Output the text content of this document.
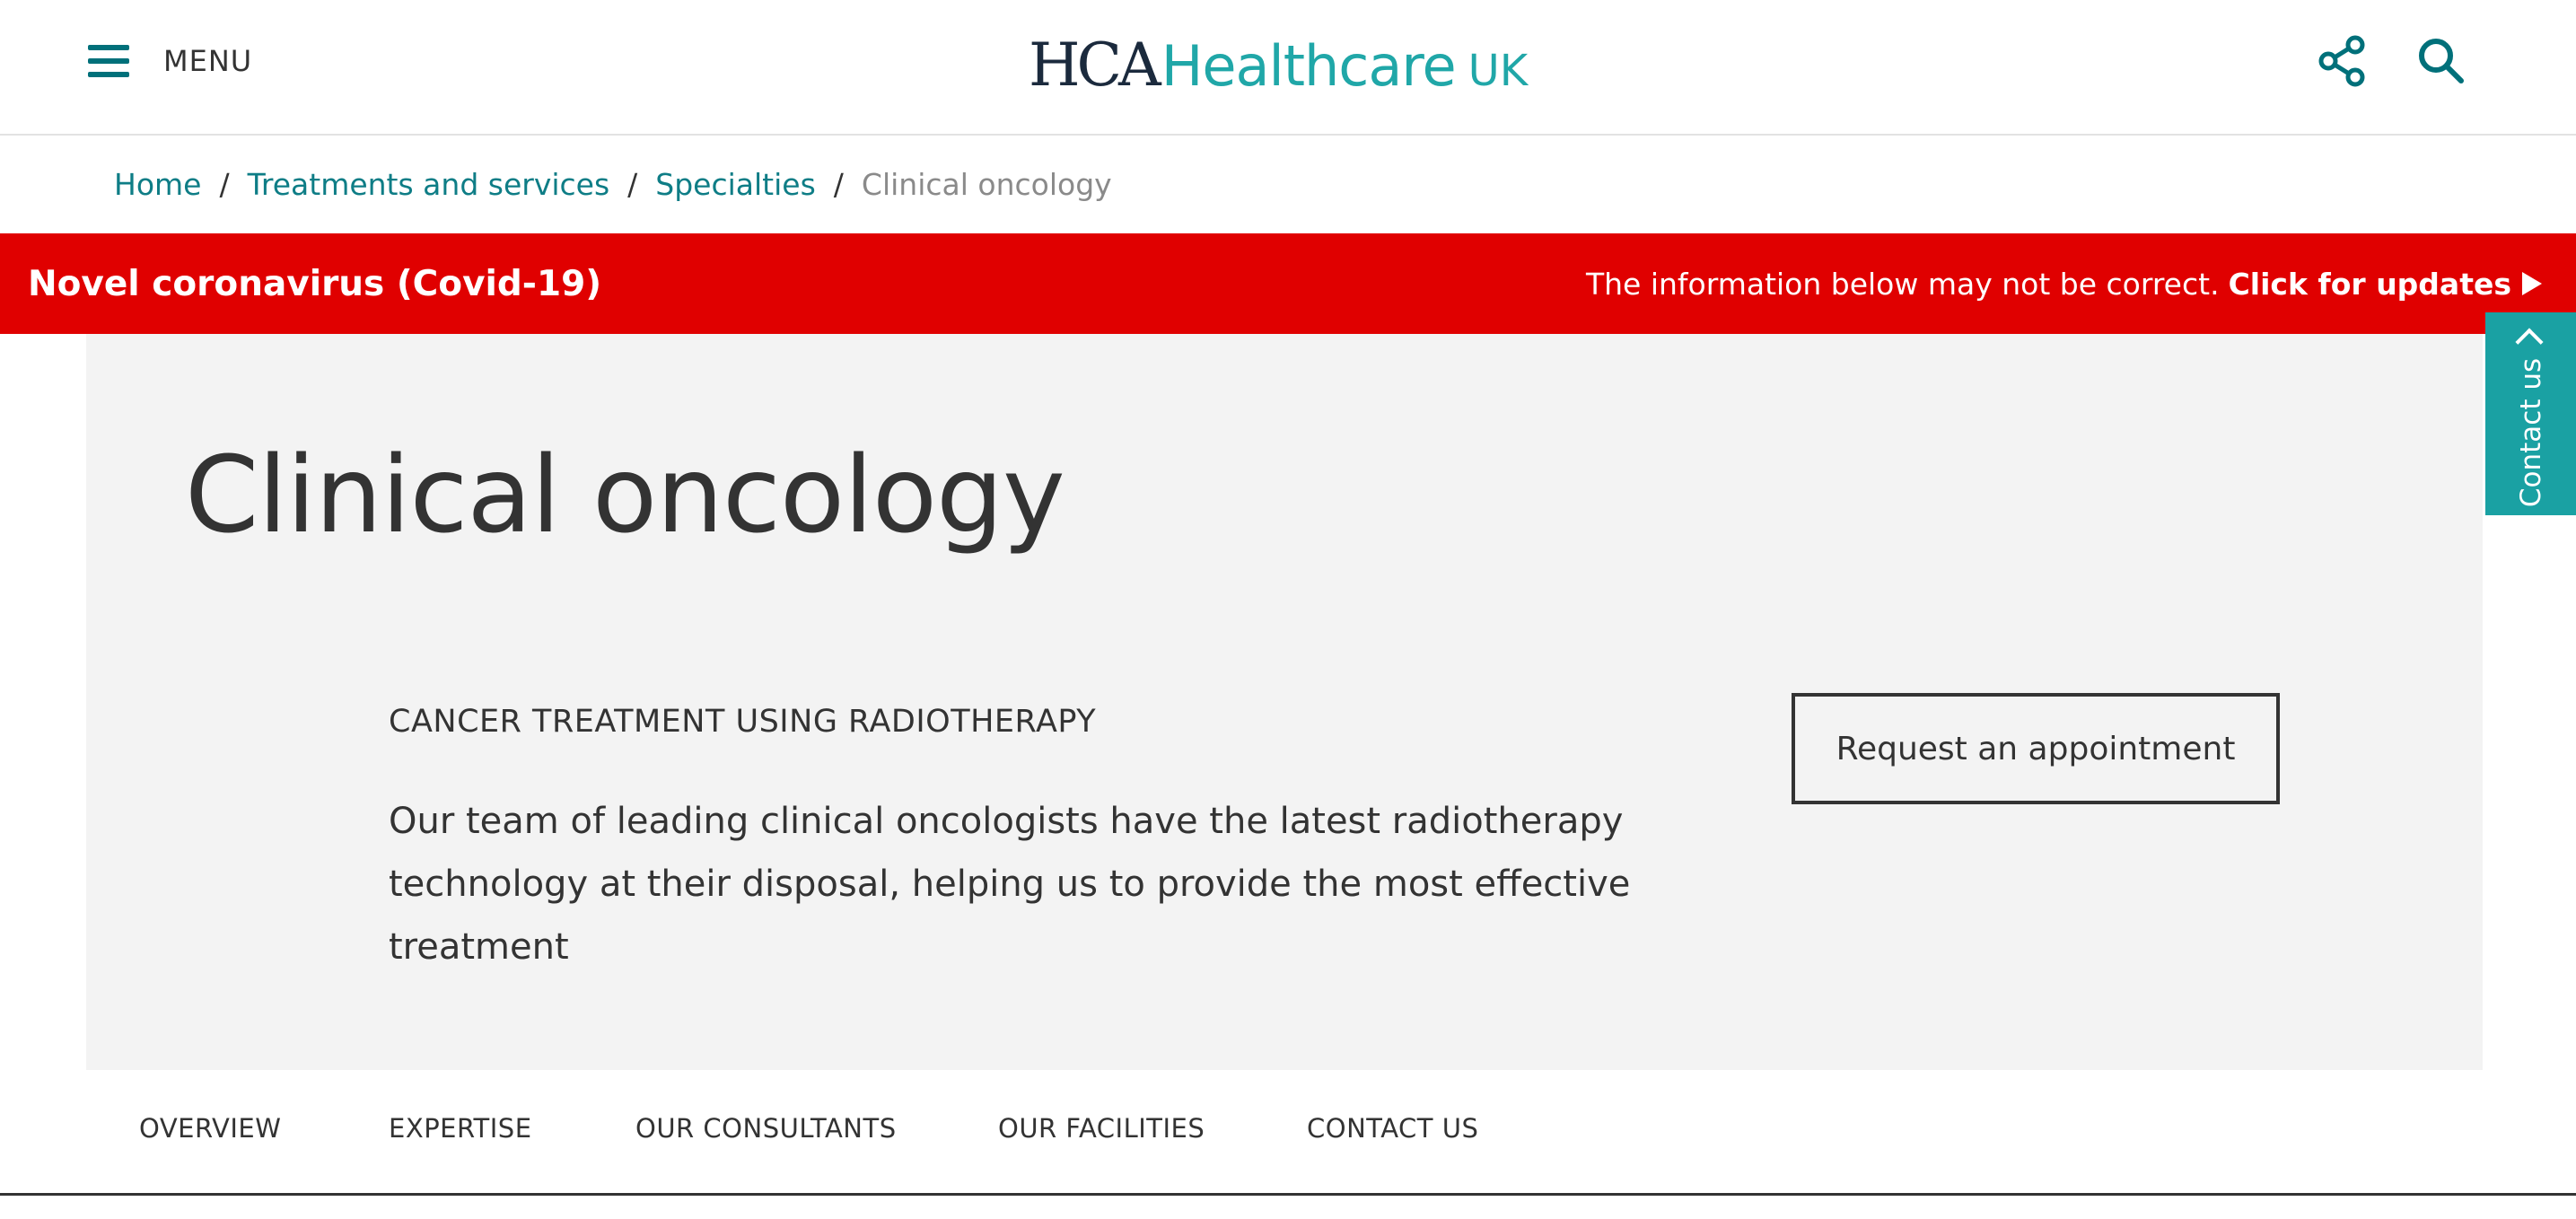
MENU	HCA Healthcare UK
Home / Treatments and services / Specialties / Clinical oncology
Novel coronavirus (Covid-19)	The information below may not be correct. Click for updates
Clinical oncology
CANCER TREATMENT USING RADIOTHERAPY

Our team of leading clinical oncologists have the latest radiotherapy technology at their disposal, helping us to provide the most effective treatment

Request an appointment
Contact us
OVERVIEW	EXPERTISE	OUR CONSULTANTS	OUR FACILITIES	CONTACT US
